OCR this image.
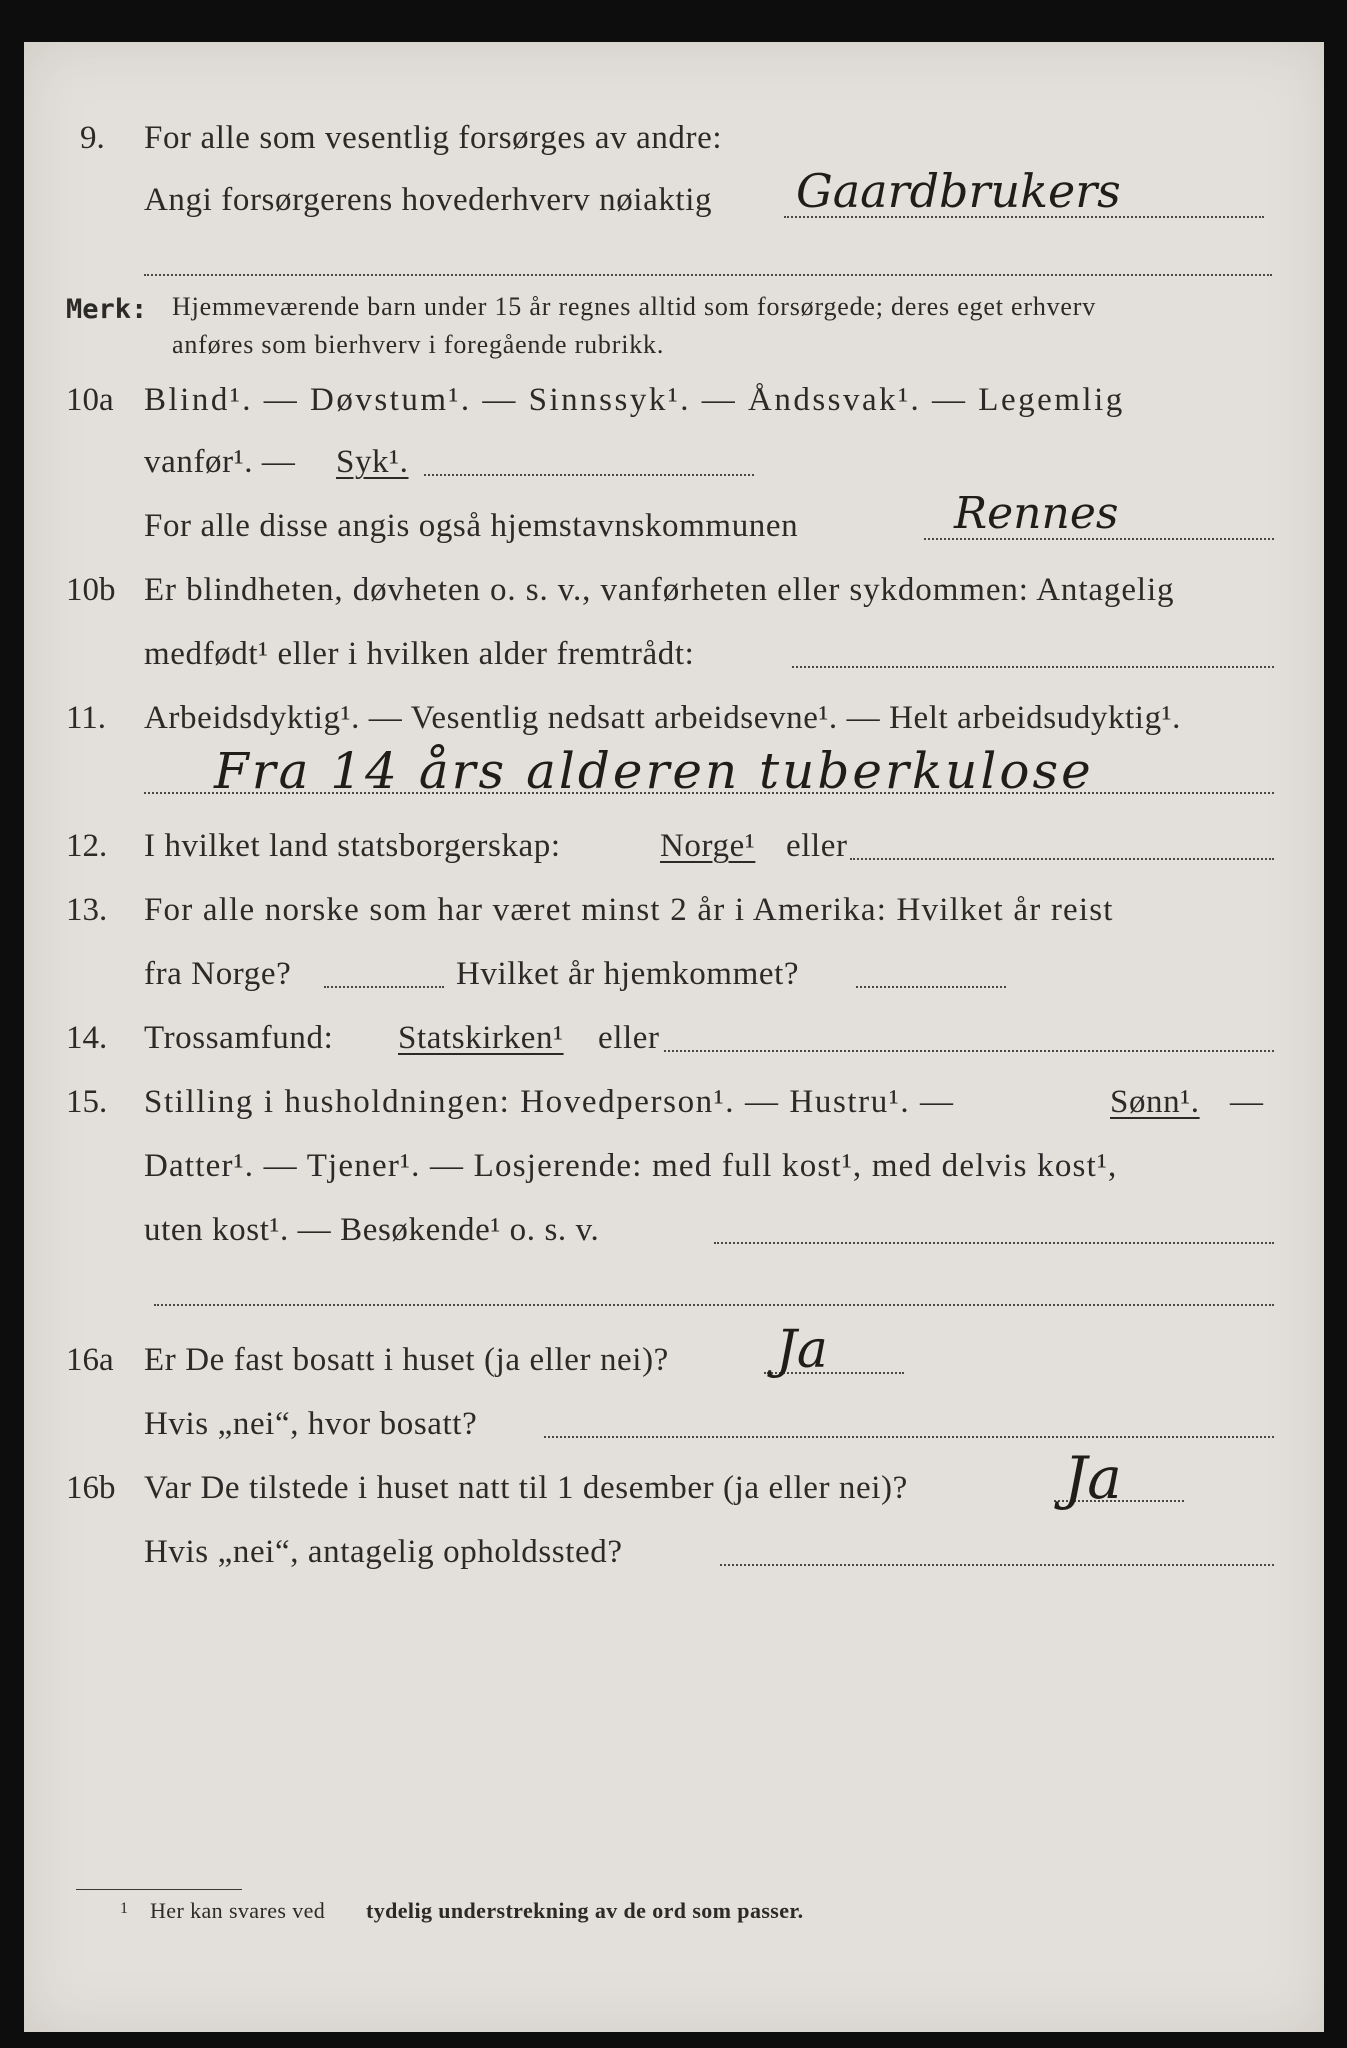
9. For alle som vesentlig forsørges av andre:
Angi forsørgerens hovederhverv nøiaktig Gaardbrukers
Merk: Hjemmeværende barn under 15 år regnes alltid som forsørgede; deres eget erhverv
anføres som bierhverv i foregående rubrikk.
10a Blind¹. — Døvstum¹. — Sinnssyk¹. — Åndssvak¹. — Legemlig
vanfør¹. — Syk¹.
For alle disse angis også hjemstavnskommunen	Rennes
10b Er blindheten, døvheten o. s. v., vanførheten eller sykdommen: Antagelig
medfødt¹ eller i hvilken alder fremtrådt:
11. Arbeidsdyktig¹. — Vesentlig nedsatt arbeidsevne¹. — Helt arbeidsudyktig¹.
Fra 14 års alderen tuberkulose
12. I hvilket land statsborgerskap:	Norge¹ eller
13. For alle norske som har været minst 2 år i Amerika: Hvilket år reist
fra Norge?	Hvilket år hjemkommet?
14. Trossamfund: Statskirken¹ eller
15. Stilling i husholdningen: Hovedperson¹. — Hustru¹. —	Sønn¹. —
Datter¹. — Tjener¹. — Losjerende: med full kost¹, med delvis kost¹,
uten kost¹. — Besøkende¹ o. s. v.
16a Er De fast bosatt i huset (ja eller nei)? Ja
Hvis „nei“, hvor bosatt?
16b Var De tilstede i huset natt til 1 desember (ja eller nei)?	Ja
Hvis „nei“, antagelig opholdssted?
1 Her kan svares ved tydelig understrekning av de ord som passer.
